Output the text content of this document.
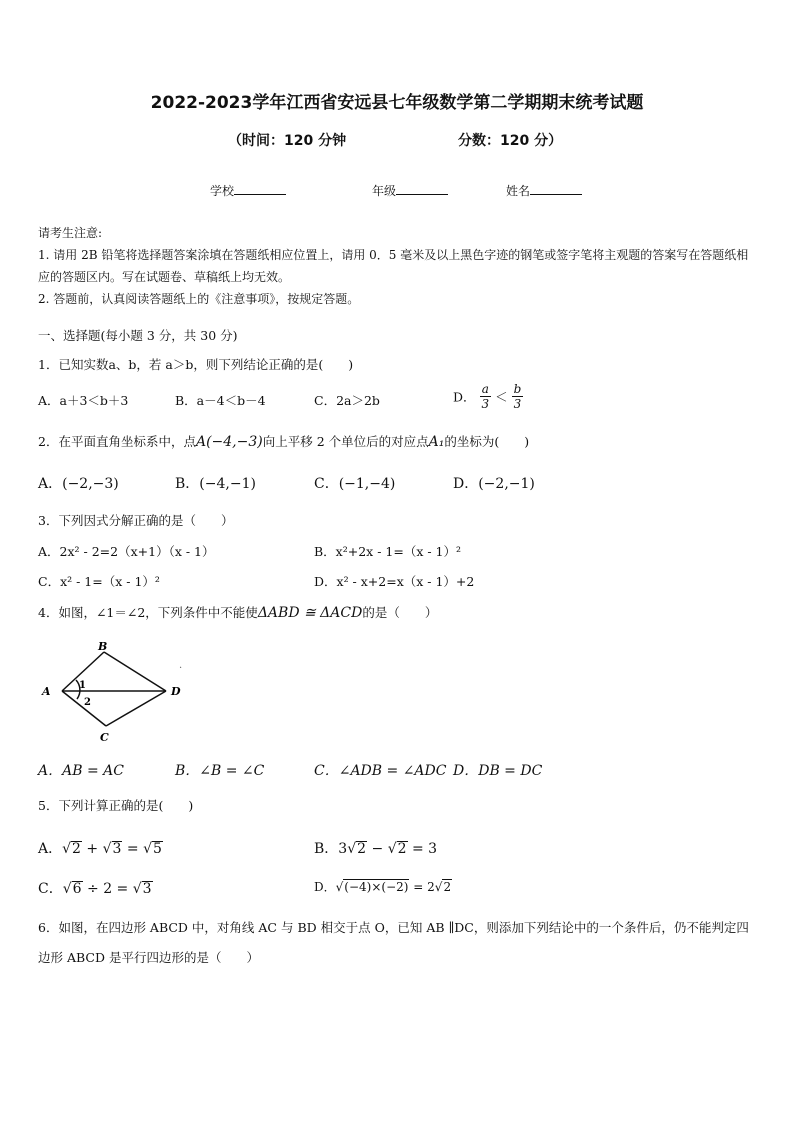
2022-2023学年江西省安远县七年级数学第二学期期末统考试题
（时间：120 分钟	分数：120 分）
学校	年级	姓名
请考生注意:
1. 请用 2B 铅笔将选择题答案涂填在答题纸相应位置上，请用 0．5 毫米及以上黑色字迹的钢笔或签字笔将主观题的答案写在答题纸相应的答题区内。写在试题卷、草稿纸上均无效。
2. 答题前，认真阅读答题纸上的《注意事项》，按规定答题。
一、选择题(每小题 3 分，共 30 分)
1．已知实数a、b，若 a＞b，则下列结论正确的是(　　)
A．a＋3＜b＋3	B．a－4＜b－4	C．2a＞2b	D． $\frac{a}{3} < \frac{b}{3}$
2．在平面直角坐标系中，点A(−4,−3)向上平移 2 个单位后的对应点A₁的坐标为(　　)
A．(−2,−3)	B．(−4,−1)	C．(−1,−4)	D．(−2,−1)
3．下列因式分解正确的是（　　）
A．2x² - 2=2（x+1）（x - 1）	B．x²+2x - 1=（x - 1）²
C．x² - 1=（x - 1）²	D．x² - x+2=x（x - 1）+2
4．如图，∠1＝∠2，下列条件中不能使ΔABD ≅ ΔACD的是（　　）
.
B
A	D
C
1
2
A．AB = AC	B．∠B = ∠C	C．∠ADB = ∠ADC D．DB = DC
5．下列计算正确的是(　　)
A．√2 + √3 = √5	B．3√2 − √2 = 3
C．√6 ÷ 2 = √3	D．√(−4)×(−2) = 2√2
6．如图，在四边形 ABCD 中，对角线 AC 与 BD 相交于点 O，已知 AB ∥DC，则添加下列结论中的一个条件后，仍不能判定四边形 ABCD 是平行四边形的是（　　）
